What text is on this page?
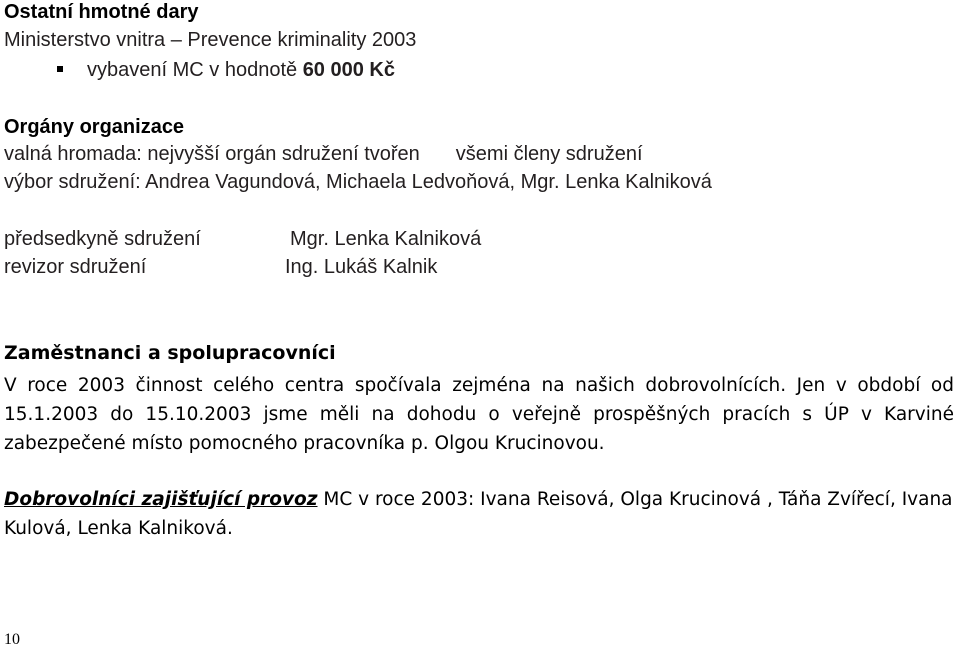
Ostatní hmotné dary
Ministerstvo vnitra – Prevence kriminality 2003
vybavení MC v hodnotě 60 000 Kč
Orgány organizace
valná hromada: nejvyšší orgán sdružení tvořen všemi členy sdružení
výbor sdružení: Andrea Vagundová, Michaela Ledvoňová, Mgr. Lenka Kalniková
předsedkyně sdružení	Mgr. Lenka Kalniková
revizor sdružení	Ing. Lukáš Kalnik
Zaměstnanci a spolupracovníci
V roce 2003 činnost celého centra spočívala zejména na našich dobrovolnících. Jen v období od 15.1.2003 do 15.10.2003 jsme měli na dohodu o veřejně prospěšných pracích s ÚP v Karviné zabezpečené místo pomocného pracovníka p. Olgou Krucinovou.
Dobrovolníci zajišťující provoz MC v roce 2003: Ivana Reisová, Olga Krucinová , Táňa Zvířecí, Ivana Kulová, Lenka Kalniková.
10
